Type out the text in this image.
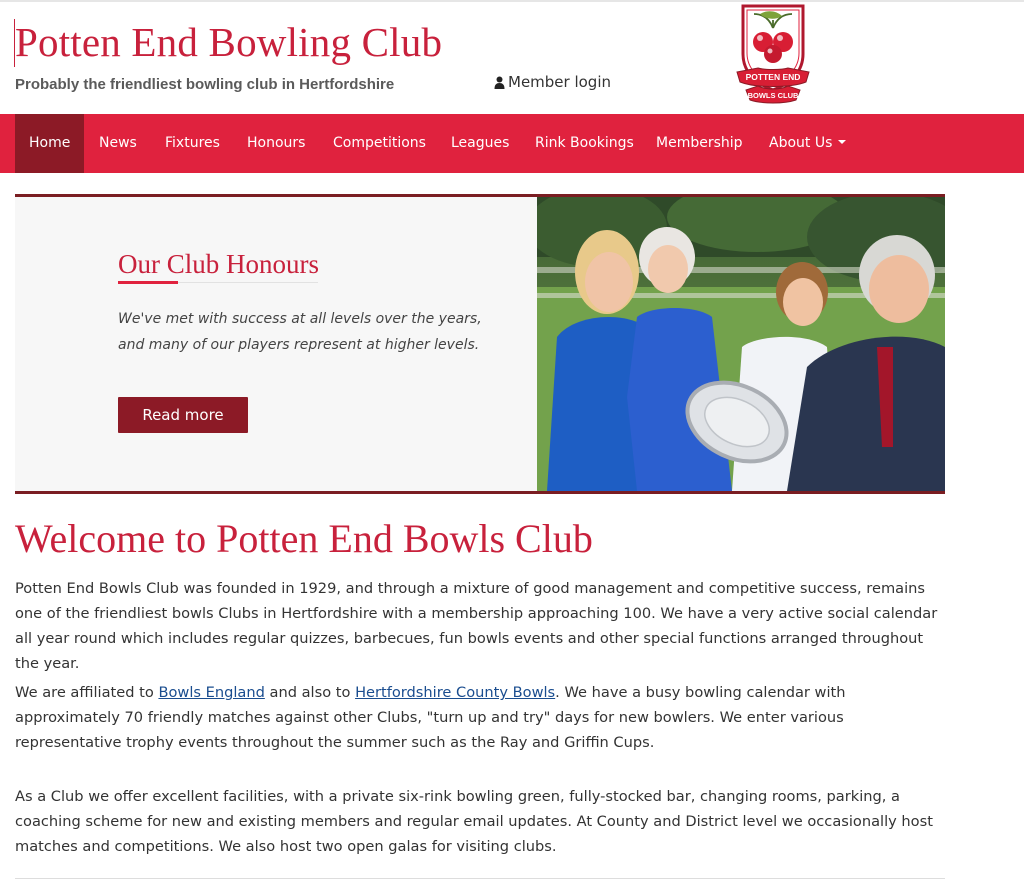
Potten End Bowling Club
Probably the friendliest bowling club in Hertfordshire	Member login	POTTEN END
BOWLS CLUB
Home	News Fixtures Honours Competitions Leagues Rink Bookings Membership About Us
Our Club Honours
We've met with success at all levels over the years, and many of our players represent at higher levels.
Read more
Welcome to Potten End Bowls Club
Potten End Bowls Club was founded in 1929, and through a mixture of good management and competitive success, remains one of the friendliest bowls Clubs in Hertfordshire with a membership approaching 100. We have a very active social calendar all year round which includes regular quizzes, barbecues, fun bowls events and other special functions arranged throughout the year.
We are affiliated to Bowls England and also to Hertfordshire County Bowls. We have a busy bowling calendar with approximately 70 friendly matches against other Clubs, "turn up and try" days for new bowlers. We enter various representative trophy events throughout the summer such as the Ray and Griffin Cups.
As a Club we offer excellent facilities, with a private six-rink bowling green, fully-stocked bar, changing rooms, parking, a coaching scheme for new and existing members and regular email updates. At County and District level we occasionally host matches and competitions. We also host two open galas for visiting clubs.
